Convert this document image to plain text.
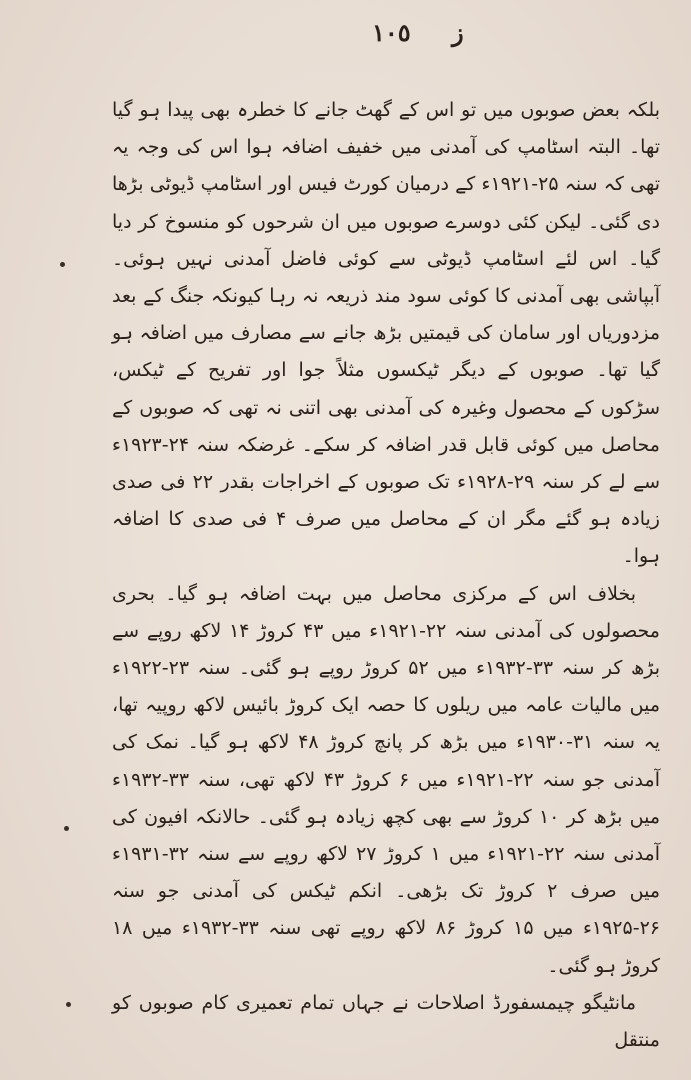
١٠٥ ز

بلکہ بعض صوبوں میں تو اس کے گھٹ جانے کا خطرہ بھی پیدا ہو گیا تھا۔ البتہ اسٹامپ کی آمدنی میں خفیف اضافہ ہوا اس کی وجہ یہ تھی کہ سنہ ۲۵-۱۹۲۱ء کے درمیان کورٹ فیس اور اسٹامپ ڈیوٹی بڑھا دی گئی۔ لیکن کئی دوسرے صوبوں میں ان شرحوں کو منسوخ کر دیا گیا۔ اس لئے اسٹامپ ڈیوٹی سے کوئی فاضل آمدنی نہیں ہوئی۔ آبپاشی بھی آمدنی کا کوئی سود مند ذریعہ نہ رہا کیونکہ جنگ کے بعد مزدوریاں اور سامان کی قیمتیں بڑھ جانے سے مصارف میں اضافہ ہو گیا تھا۔ صوبوں کے دیگر ٹیکسوں مثلاً جوا اور تفریح کے ٹیکس، سڑکوں کے محصول وغیرہ کی آمدنی بھی اتنی نہ تھی کہ صوبوں کے محاصل میں کوئی قابل قدر اضافہ کر سکے۔ غرضکہ سنہ ۲۴-۱۹۲۳ء سے لے کر سنہ ۲۹-۱۹۲۸ء تک صوبوں کے اخراجات بقدر ۲۲ فی صدی زیادہ ہو گئے مگر ان کے محاصل میں صرف ۴ فی صدی کا اضافہ ہوا۔

بخلاف اس کے مرکزی محاصل میں بہت اضافہ ہو گیا۔ بحری محصولوں کی آمدنی سنہ ۲۲-۱۹۲۱ء میں ۴۳ کروڑ ۱۴ لاکھ روپے سے بڑھ کر سنہ ۳۳-۱۹۳۲ء میں ۵۲ کروڑ روپے ہو گئی۔ سنہ ۲۳-۱۹۲۲ء میں مالیات عامہ میں ریلوں کا حصہ ایک کروڑ بائیس لاکھ روپیہ تھا، یہ سنہ ۳۱-۱۹۳۰ء میں بڑھ کر پانچ کروڑ ۴۸ لاکھ ہو گیا۔ نمک کی آمدنی جو سنہ ۲۲-۱۹۲۱ء میں ۶ کروڑ ۴۳ لاکھ تھی، سنہ ۳۳-۱۹۳۲ء میں بڑھ کر ۱۰ کروڑ سے بھی کچھ زیادہ ہو گئی۔ حالانکہ افیون کی آمدنی سنہ ۲۲-۱۹۲۱ء میں ۱ کروڑ ۲۷ لاکھ روپے سے سنہ ۳۲-۱۹۳۱ء میں صرف ۲ کروڑ تک بڑھی۔ انکم ٹیکس کی آمدنی جو سنہ ۲۶-۱۹۲۵ء میں ۱۵ کروڑ ۸۶ لاکھ روپے تھی سنہ ۳۳-۱۹۳۲ء میں ۱۸ کروڑ ہو گئی۔

مانٹیگو چیمسفورڈ اصلاحات نے جہاں تمام تعمیری کام صوبوں کو منتقل
